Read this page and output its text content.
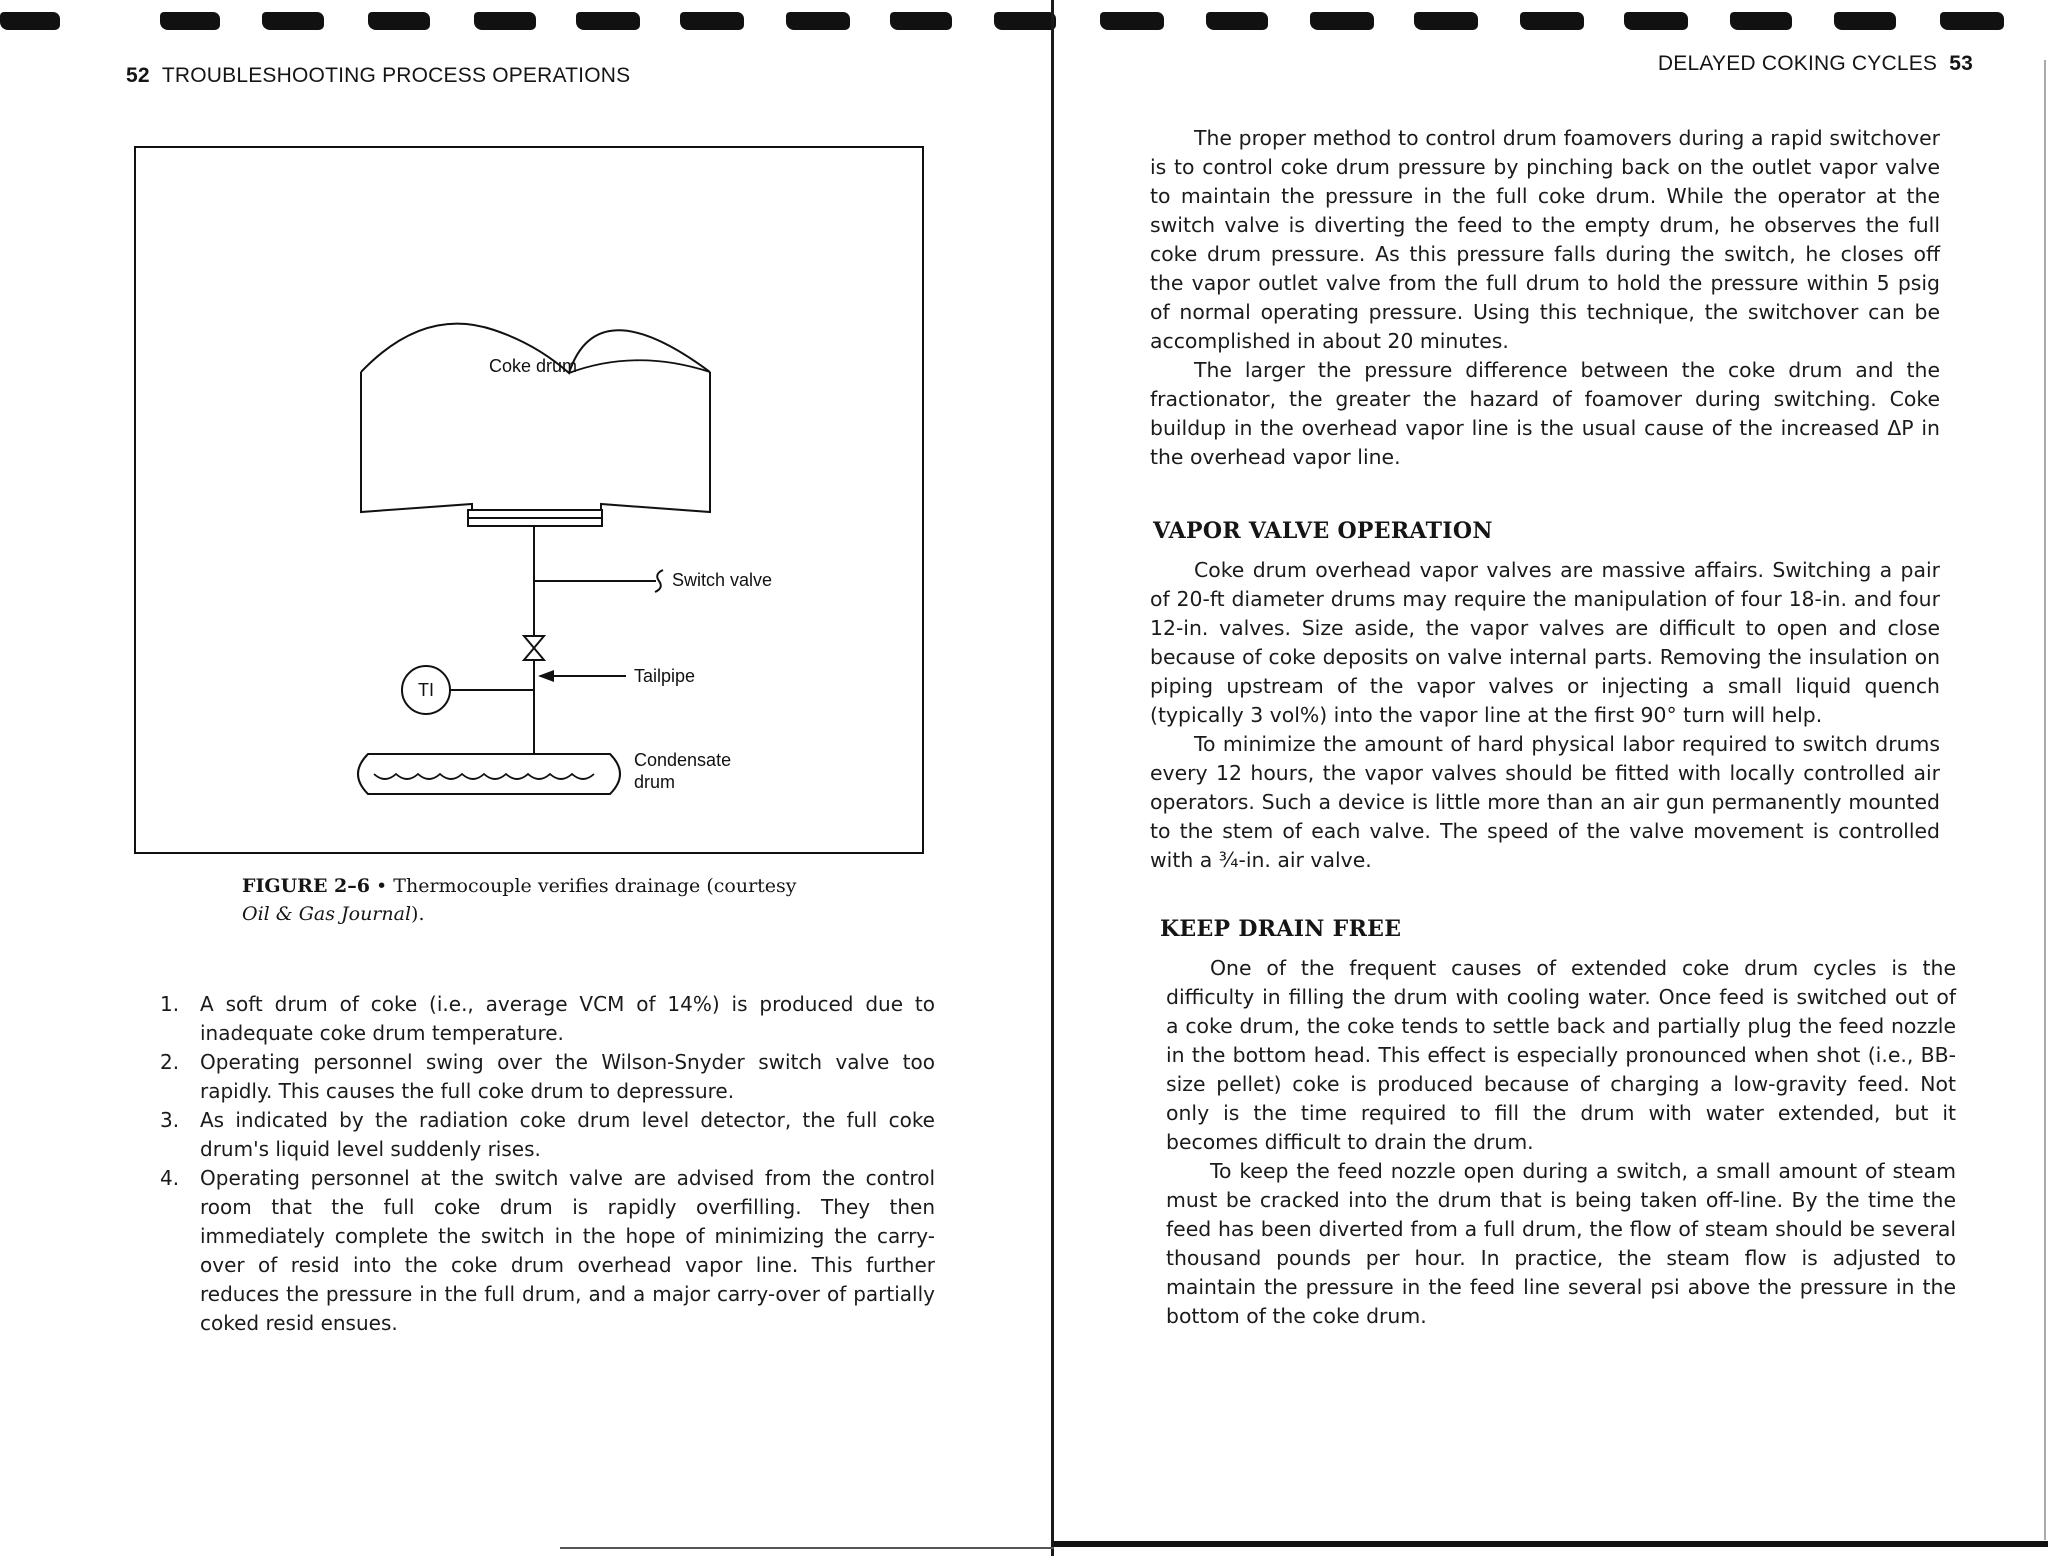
52 TROUBLESHOOTING PROCESS OPERATIONS
Switch valve
Tailpipe
TI
Condensate
drum
Coke drum
FIGURE 2–6 • Thermocouple verifies drainage (courtesy
Oil & Gas Journal).
1. A soft drum of coke (i.e., average VCM of 14%) is produced due to inadequate coke drum temperature.
2. Operating personnel swing over the Wilson-Snyder switch valve too rapidly. This causes the full coke drum to depressure.
3. As indicated by the radiation coke drum level detector, the full coke drum's liquid level suddenly rises.
4. Operating personnel at the switch valve are advised from the control room that the full coke drum is rapidly overfilling. They then immediately complete the switch in the hope of minimizing the carry-over of resid into the coke drum overhead vapor line. This further reduces the pressure in the full drum, and a major carry-over of partially coked resid ensues.
DELAYED COKING CYCLES 53

The proper method to control drum foamovers during a rapid switchover is to control coke drum pressure by pinching back on the outlet vapor valve to maintain the pressure in the full coke drum. While the operator at the switch valve is diverting the feed to the empty drum, he observes the full coke drum pressure. As this pressure falls during the switch, he closes off the vapor outlet valve from the full drum to hold the pressure within 5 psig of normal operating pressure. Using this technique, the switchover can be accomplished in about 20 minutes.

The larger the pressure difference between the coke drum and the fractionator, the greater the hazard of foamover during switching. Coke buildup in the overhead vapor line is the usual cause of the increased ΔP in the overhead vapor line.

VAPOR VALVE OPERATION

Coke drum overhead vapor valves are massive affairs. Switching a pair of 20-ft diameter drums may require the manipulation of four 18-in. and four 12-in. valves. Size aside, the vapor valves are difficult to open and close because of coke deposits on valve internal parts. Removing the insulation on piping upstream of the vapor valves or injecting a small liquid quench (typically 3 vol%) into the vapor line at the first 90° turn will help.

To minimize the amount of hard physical labor required to switch drums every 12 hours, the vapor valves should be fitted with locally controlled air operators. Such a device is little more than an air gun permanently mounted to the stem of each valve. The speed of the valve movement is controlled with a ¾-in. air valve.

KEEP DRAIN FREE

One of the frequent causes of extended coke drum cycles is the difficulty in filling the drum with cooling water. Once feed is switched out of a coke drum, the coke tends to settle back and partially plug the feed nozzle in the bottom head. This effect is especially pronounced when shot (i.e., BB-size pellet) coke is produced because of charging a low-gravity feed. Not only is the time required to fill the drum with water extended, but it becomes difficult to drain the drum.

To keep the feed nozzle open during a switch, a small amount of steam must be cracked into the drum that is being taken off-line. By the time the feed has been diverted from a full drum, the flow of steam should be several thousand pounds per hour. In practice, the steam flow is adjusted to maintain the pressure in the feed line several psi above the pressure in the bottom of the coke drum.
